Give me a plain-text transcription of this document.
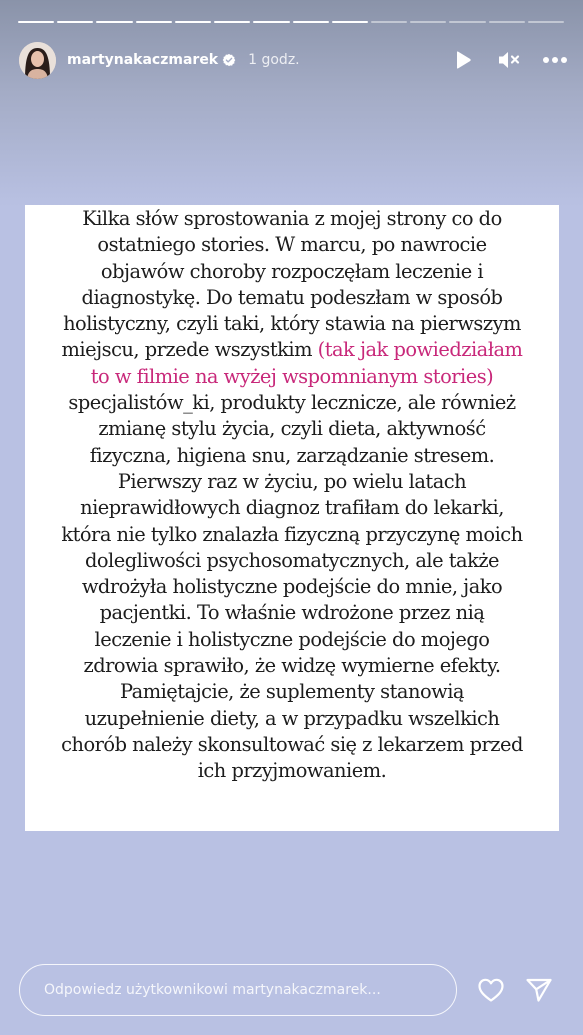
martynakaczmarek 1 godz.

Kilka słów sprostowania z mojej strony co do
ostatniego stories. W marcu, po nawrocie
objawów choroby rozpoczęłam leczenie i
diagnostykę. Do tematu podeszłam w sposób
holistyczny, czyli taki, który stawia na pierwszym
miejscu, przede wszystkim (tak jak powiedziałam
to w filmie na wyżej wspomnianym stories)
specjalistów_ki, produkty lecznicze, ale również
zmianę stylu życia, czyli dieta, aktywność
fizyczna, higiena snu, zarządzanie stresem.
Pierwszy raz w życiu, po wielu latach
nieprawidłowych diagnoz trafiłam do lekarki,
która nie tylko znalazła fizyczną przyczynę moich
dolegliwości psychosomatycznych, ale także
wdrożyła holistyczne podejście do mnie, jako
pacjentki. To właśnie wdrożone przez nią
leczenie i holistyczne podejście do mojego
zdrowia sprawiło, że widzę wymierne efekty.
Pamiętajcie, że suplementy stanowią
uzupełnienie diety, a w przypadku wszelkich
chorób należy skonsultować się z lekarzem przed
ich przyjmowaniem.

Odpowiedz użytkownikowi martynakaczmarek...
